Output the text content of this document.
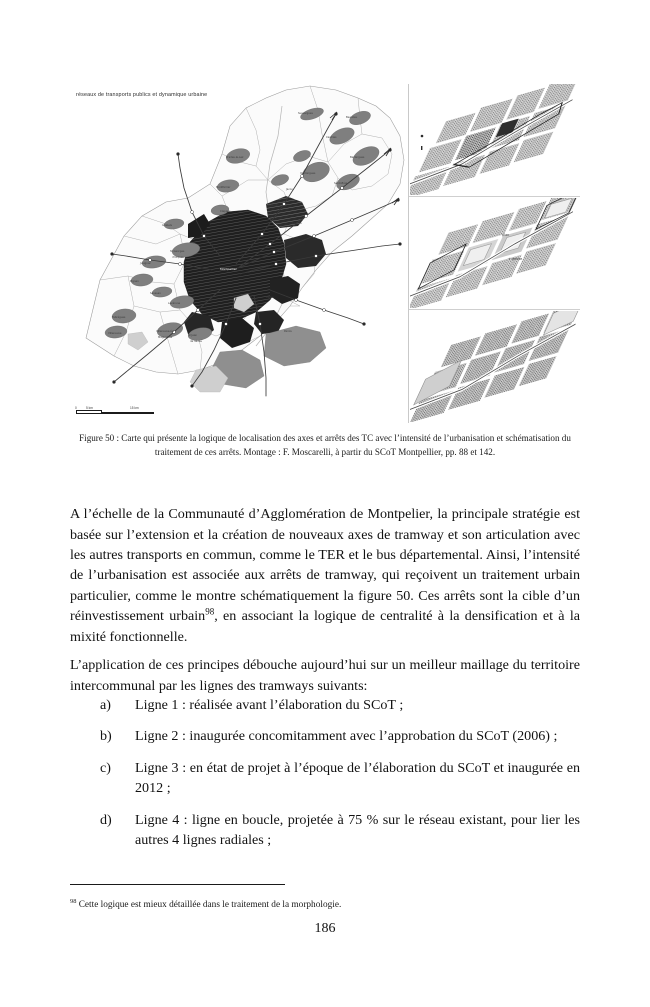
réseaux de transports publics et dynamique urbaine
Montpellier
Prades-le-Lez
Montferrier
Sussargues
Beaulieu
Castries
Baillargues
Vendargues
Saint-Brès
St Georges
d'Orques
Juvignac
Pignan
Saussan
Lavérune
Fabrègues
Villeneuve
Villeneuve-lès
Maguelone
St Jean
de Védas
Lattes
Pérols
Grabels
Castelnau
Le Crès
Jacou
Clapiers
0	5 km	15 km
plan
+ dense
Figure 50 : Carte qui présente la logique de localisation des axes et arrêts des TC avec l’intensité de l’urbanisation et schématisation du traitement de ces arrêts. Montage : F. Moscarelli, à partir du SCoT Montpellier, pp. 88 et 142.

A l’échelle de la Communauté d’Agglomération de Montpelier, la principale stratégie est basée sur l’extension et la création de nouveaux axes de tramway et son articulation avec les autres transports en commun, comme le TER et le bus départemental. Ainsi, l’intensité de l’urbanisation est associée aux arrêts de tramway, qui reçoivent un traitement urbain particulier, comme le montre schématiquement la figure 50. Ces arrêts sont la cible d’un réinvestissement urbain$^{98}$, en associant la logique de centralité à la densification et à la mixité fonctionnelle.

L’application de ces principes débouche aujourd’hui sur un meilleur maillage du territoire intercommunal par les lignes des tramways suivants:

a) Ligne 1 : réalisée avant l’élaboration du SCoT ;
b) Ligne 2 : inaugurée concomitamment avec l’approbation du SCoT (2006) ;
c) Ligne 3 : en état de projet à l’époque de l’élaboration du SCoT et inaugurée en 2012 ;
d) Ligne 4 : ligne en boucle, projetée à 75 % sur le réseau existant, pour lier les autres 4 lignes radiales ;
$^{98}$ Cette logique est mieux détaillée dans le traitement de la morphologie.
186
